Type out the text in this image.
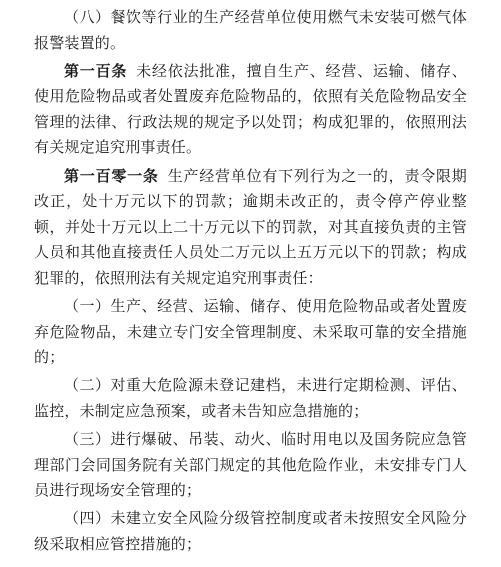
（八）餐饮等行业的生产经营单位使用燃气未安装可燃气体报警装置的。

第一百条 未经依法批准，擅自生产、经营、运输、储存、使用危险物品或者处置废弃危险物品的，依照有关危险物品安全管理的法律、行政法规的规定予以处罚；构成犯罪的，依照刑法有关规定追究刑事责任。

第一百零一条 生产经营单位有下列行为之一的，责令限期改正，处十万元以下的罚款；逾期未改正的，责令停产停业整顿，并处十万元以上二十万元以下的罚款，对其直接负责的主管人员和其他直接责任人员处二万元以上五万元以下的罚款；构成犯罪的，依照刑法有关规定追究刑事责任：

（一）生产、经营、运输、储存、使用危险物品或者处置废弃危险物品，未建立专门安全管理制度、未采取可靠的安全措施的；

（二）对重大危险源未登记建档，未进行定期检测、评估、监控，未制定应急预案，或者未告知应急措施的；

（三）进行爆破、吊装、动火、临时用电以及国务院应急管理部门会同国务院有关部门规定的其他危险作业，未安排专门人员进行现场安全管理的；

（四）未建立安全风险分级管控制度或者未按照安全风险分级采取相应管控措施的；
